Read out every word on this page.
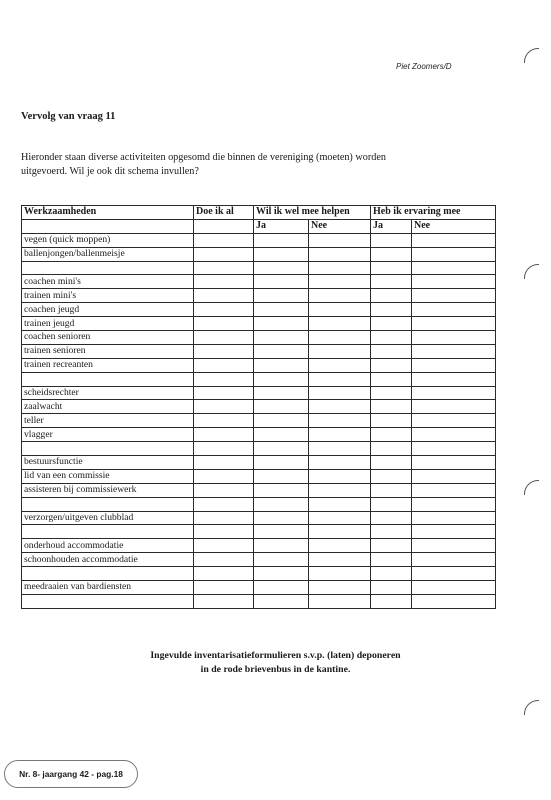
Piet Zoomers/D
Vervolg van vraag 11
Hieronder staan diverse activiteiten opgesomd die binnen de vereniging (moeten) worden
uitgevoerd. Wil je ook dit schema invullen?
Werkzaamheden	Doe ik al	Wil ik wel mee helpen		Heb ik ervaring mee	
		Ja	Nee	Ja	Nee
vegen (quick moppen)					
ballenjongen/ballenmeisje					

coachen mini's					
trainen mini's					
coachen jeugd					
trainen jeugd					
coachen senioren					
trainen senioren					
trainen recreanten					

scheidsrechter					
zaalwacht					
teller					
vlagger					

bestuursfunctie					
lid van een commissie					
assisteren bij commissiewerk					

verzorgen/uitgeven clubblad					

onderhoud accommodatie					
schoonhouden accommodatie					

meedraaien van bardiensten					

Ingevulde inventarisatieformulieren s.v.p. (laten) deponeren
in de rode brievenbus in de kantine.
Nr. 8- jaargang 42 - pag.18
